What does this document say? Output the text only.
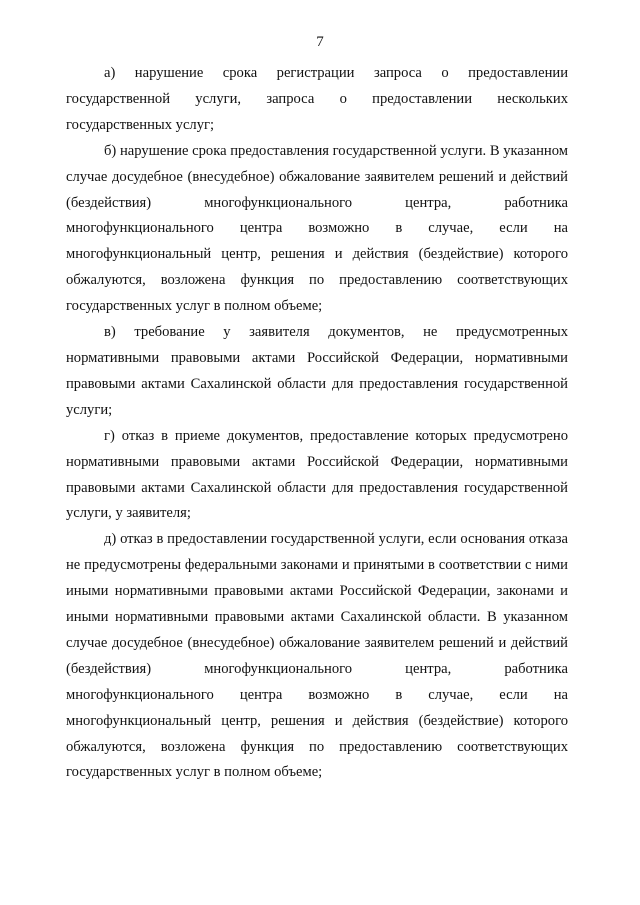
7

а) нарушение срока регистрации запроса о предоставлении государственной услуги, запроса о предоставлении нескольких государственных услуг;

б) нарушение срока предоставления государственной услуги. В указанном случае досудебное (внесудебное) обжалование заявителем решений и действий (бездействия) многофункционального центра, работника многофункционального центра возможно в случае, если на многофункциональный центр, решения и действия (бездействие) которого обжалуются, возложена функция по предоставлению соответствующих государственных услуг в полном объеме;

в) требование у заявителя документов, не предусмотренных нормативными правовыми актами Российской Федерации, нормативными правовыми актами Сахалинской области для предоставления государственной услуги;

г) отказ в приеме документов, предоставление которых предусмотрено нормативными правовыми актами Российской Федерации, нормативными правовыми актами Сахалинской области для предоставления государственной услуги, у заявителя;

д) отказ в предоставлении государственной услуги, если основания отказа не предусмотрены федеральными законами и принятыми в соответствии с ними иными нормативными правовыми актами Российской Федерации, законами и иными нормативными правовыми актами Сахалинской области. В указанном случае досудебное (внесудебное) обжалование заявителем решений и действий (бездействия) многофункционального центра, работника многофункционального центра возможно в случае, если на многофункциональный центр, решения и действия (бездействие) которого обжалуются, возложена функция по предоставлению соответствующих государственных услуг в полном объеме;
